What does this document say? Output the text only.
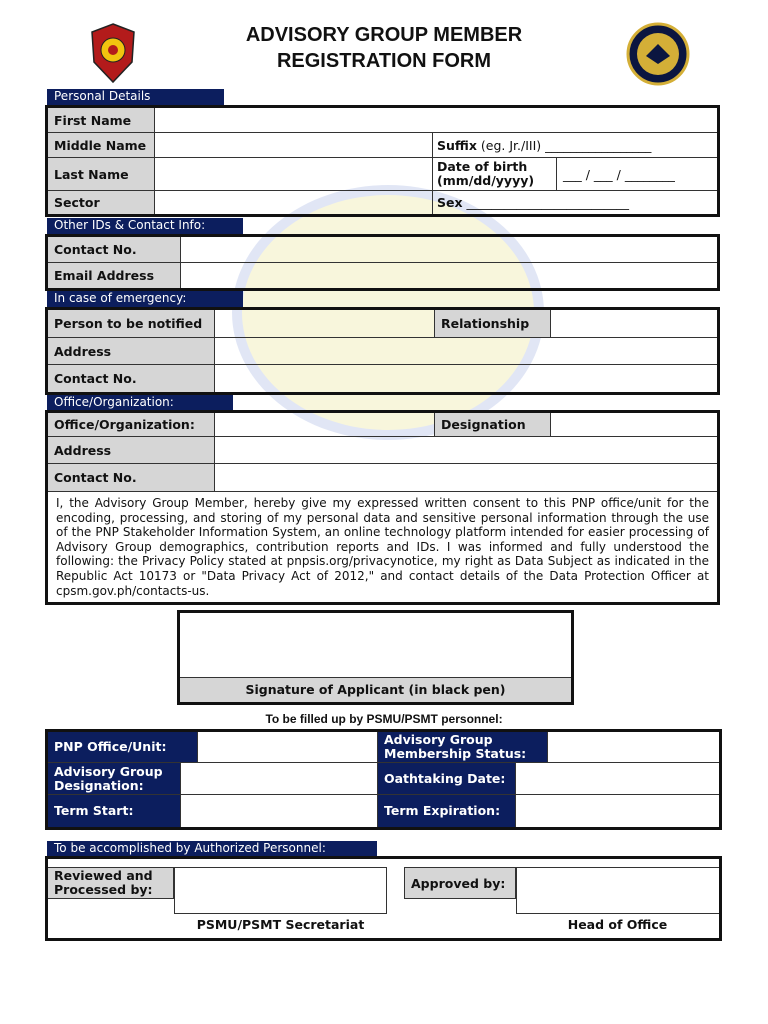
ADVISORY GROUP MEMBER
REGISTRATION FORM
Personal Details
First Name
Middle Name	Suffix (eg. Jr./III) _________________
Last Name	Date of birth (mm/dd/yyyy)	___ / ___ / ________
Sector	Sex __________________________
Other IDs & Contact Info:
Contact No.
Email Address
In case of emergency:
Person to be notified	Relationship
Address
Contact No.
Office/Organization:
Office/Organization:	Designation
Address
Contact No.
I, the Advisory Group Member, hereby give my expressed written consent to this PNP office/unit for the encoding, processing, and storing of my personal data and sensitive personal information through the use of the PNP Stakeholder Information System, an online technology platform intended for easier processing of Advisory Group demographics, contribution reports and IDs. I was informed and fully understood the following: the Privacy Policy stated at pnpsis.org/privacynotice, my right as Data Subject as indicated in the Republic Act 10173 or "Data Privacy Act of 2012," and contact details of the Data Protection Officer at cpsm.gov.ph/contacts-us.
Signature of Applicant (in black pen)
To be filled up by PSMU/PSMT personnel:
PNP Office/Unit:	Advisory Group Membership Status:
Advisory Group Designation:	Oathtaking Date:
Term Start:	Term Expiration:
To be accomplished by Authorized Personnel:
Reviewed and Processed by:	Approved by:
PSMU/PSMT Secretariat	Head of Office
